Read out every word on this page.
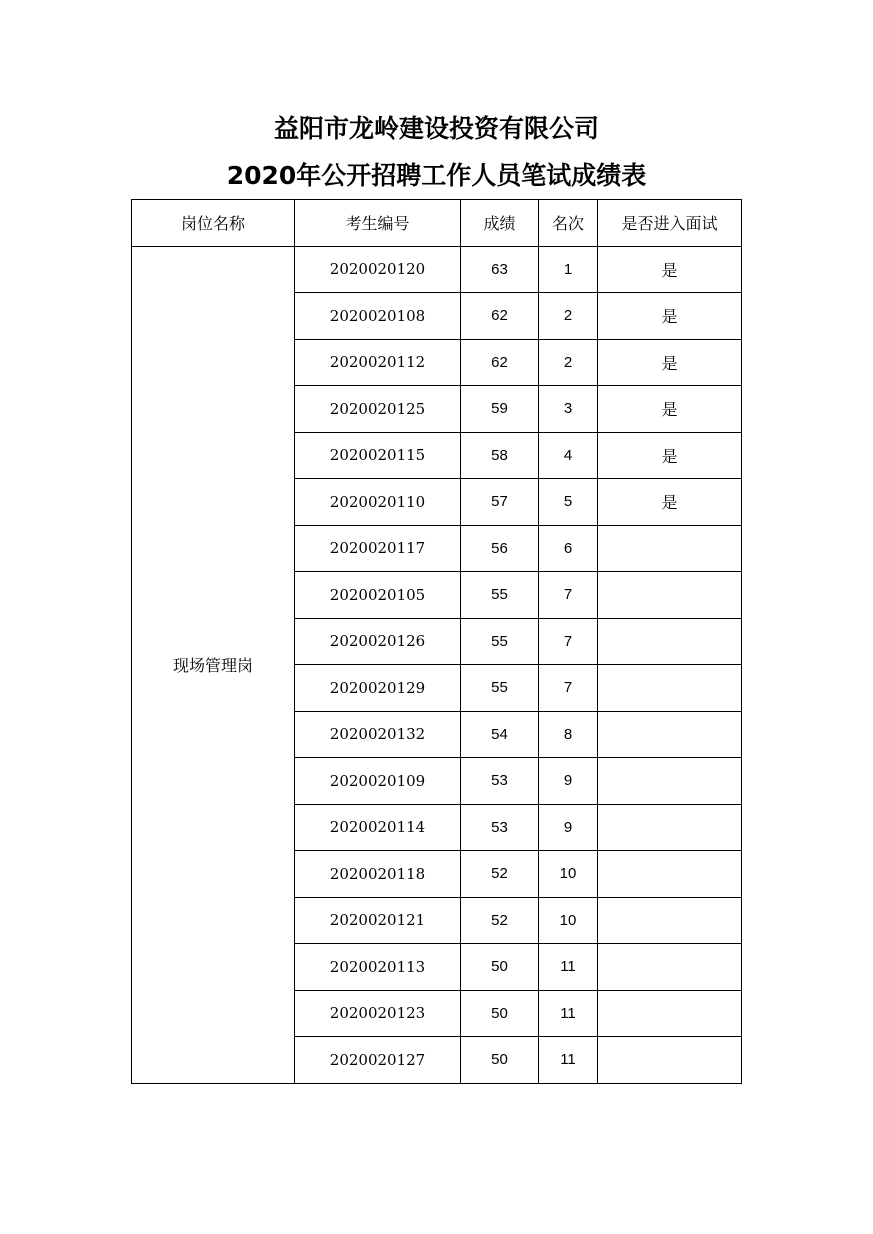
益阳市龙岭建设投资有限公司
2020年公开招聘工作人员笔试成绩表
岗位名称	考生编号	成绩	名次	是否进入面试
现场管理岗	2020020120	63	1	是
	2020020108	62	2	是
	2020020112	62	2	是
	2020020125	59	3	是
	2020020115	58	4	是
	2020020110	57	5	是
	2020020117	56	6	
	2020020105	55	7	
	2020020126	55	7	
	2020020129	55	7	
	2020020132	54	8	
	2020020109	53	9	
	2020020114	53	9	
	2020020118	52	10	
	2020020121	52	10	
	2020020113	50	11	
	2020020123	50	11	
	2020020127	50	11	
